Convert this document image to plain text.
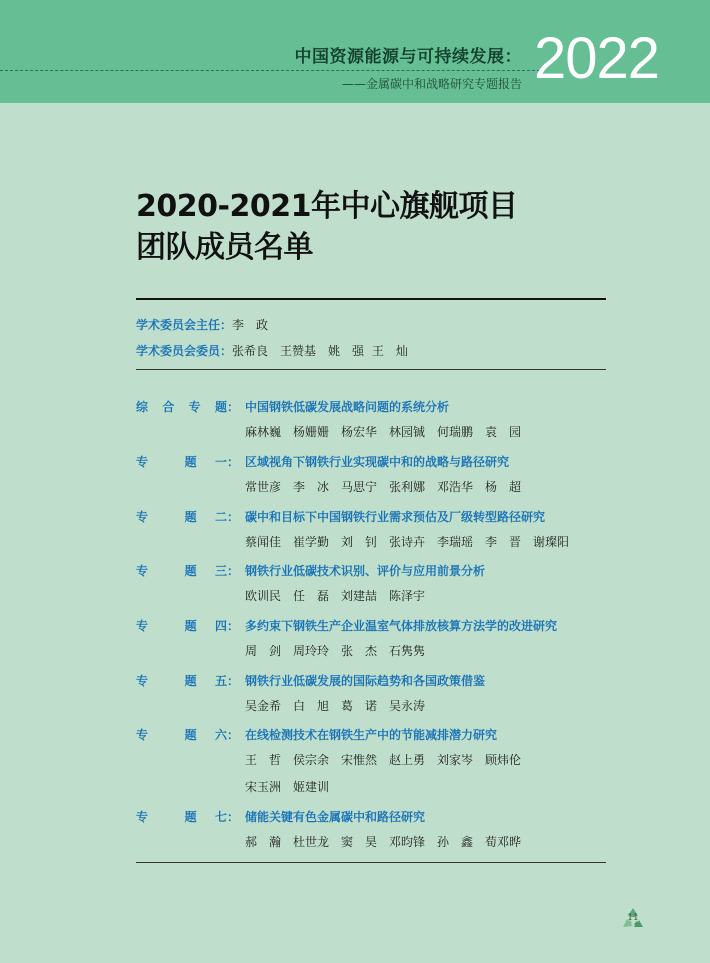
中国资源能源与可持续发展：
——金属碳中和战略研究专题报告 2022
2020-2021年中心旗舰项目
团队成员名单
学术委员会主任：李　政
学术委员会委员：张希良　王赞基　姚　强 王　灿
综 合 专 题： 中国钢铁低碳发展战略问题的系统分析
麻林巍　杨姗姗　杨宏华　林园铖　何瑞鹏　袁　园
专	题 一： 区域视角下钢铁行业实现碳中和的战略与路径研究
常世彦　李　冰　马思宁　张利娜　邓浩华　杨　超
专	题 二： 碳中和目标下中国钢铁行业需求预估及厂级转型路径研究
蔡闻佳　崔学勤　刘　钊　张诗卉　李瑞瑶　李　晋　谢璨阳
专	题 三： 钢铁行业低碳技术识别、评价与应用前景分析
欧训民　任　磊　刘建喆　陈泽宇
专	题 四： 多约束下钢铁生产企业温室气体排放核算方法学的改进研究
周　剑　周玲玲　张　杰　石隽隽
专	题 五： 钢铁行业低碳发展的国际趋势和各国政策借鉴
吴金希　白　旭　葛　诺　吴永涛
专	题 六： 在线检测技术在钢铁生产中的节能减排潜力研究
王　哲　侯宗余　宋惟然　赵上勇　刘家岑　顾炜伦
宋玉洲　姬建训
专	题 七： 储能关键有色金属碳中和路径研究
郝　瀚　杜世龙　窦　昊　邓昀锋　孙　鑫　荀邓晔
11
